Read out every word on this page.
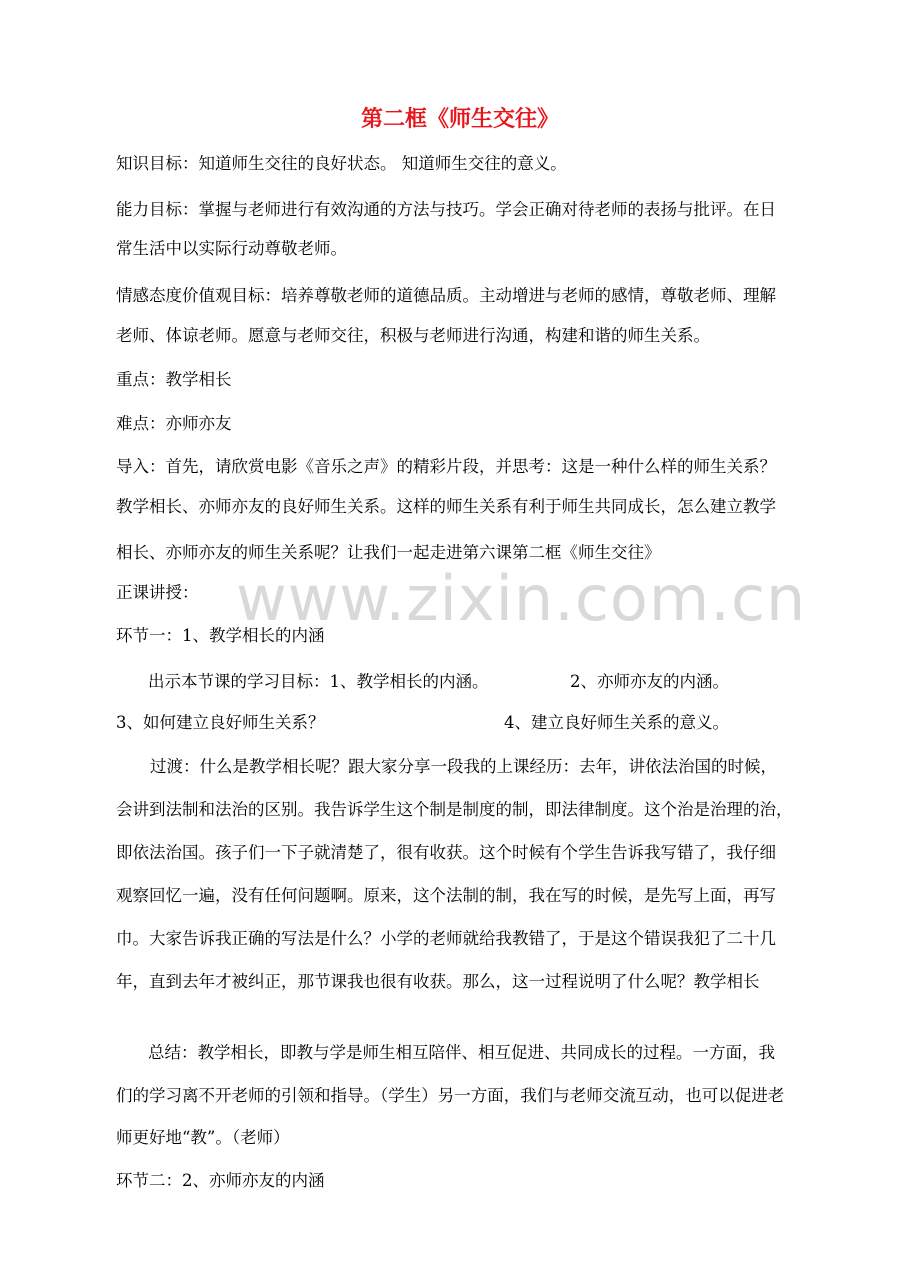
第二框《师生交往》
www.zixin.com.cn
知识目标：知道师生交往的良好状态。 知道师生交往的意义。
能力目标：掌握与老师进行有效沟通的方法与技巧。学会正确对待老师的表扬与批评。在日
常生活中以实际行动尊敬老师。
情感态度价值观目标：培养尊敬老师的道德品质。主动增进与老师的感情，尊敬老师、理解
老师、体谅老师。愿意与老师交往，积极与老师进行沟通，构建和谐的师生关系。
重点：教学相长
难点：亦师亦友
导入：首先，请欣赏电影《音乐之声》的精彩片段，并思考：这是一种什么样的师生关系？
教学相长、亦师亦友的良好师生关系。这样的师生关系有利于师生共同成长，怎么建立教学
相长、亦师亦友的师生关系呢？让我们一起走进第六课第二框《师生交往》
正课讲授：
环节一：1、教学相长的内涵
出示本节课的学习目标：1、教学相长的内涵。	2、亦师亦友的内涵。
3、如何建立良好师生关系？	4、建立良好师生关系的意义。
过渡：什么是教学相长呢？跟大家分享一段我的上课经历：去年，讲依法治国的时候，
会讲到法制和法治的区别。我告诉学生这个制是制度的制，即法律制度。这个治是治理的治，
即依法治国。孩子们一下子就清楚了，很有收获。这个时候有个学生告诉我写错了，我仔细
观察回忆一遍，没有任何问题啊。原来，这个法制的制，我在写的时候，是先写上面，再写
巾。大家告诉我正确的写法是什么？小学的老师就给我教错了，于是这个错误我犯了二十几
年，直到去年才被纠正，那节课我也很有收获。那么，这一过程说明了什么呢？教学相长
总结：教学相长，即教与学是师生相互陪伴、相互促进、共同成长的过程。一方面，我
们的学习离不开老师的引领和指导。（学生）另一方面，我们与老师交流互动，也可以促进老
师更好地“教”。（老师）
环节二：2、亦师亦友的内涵
